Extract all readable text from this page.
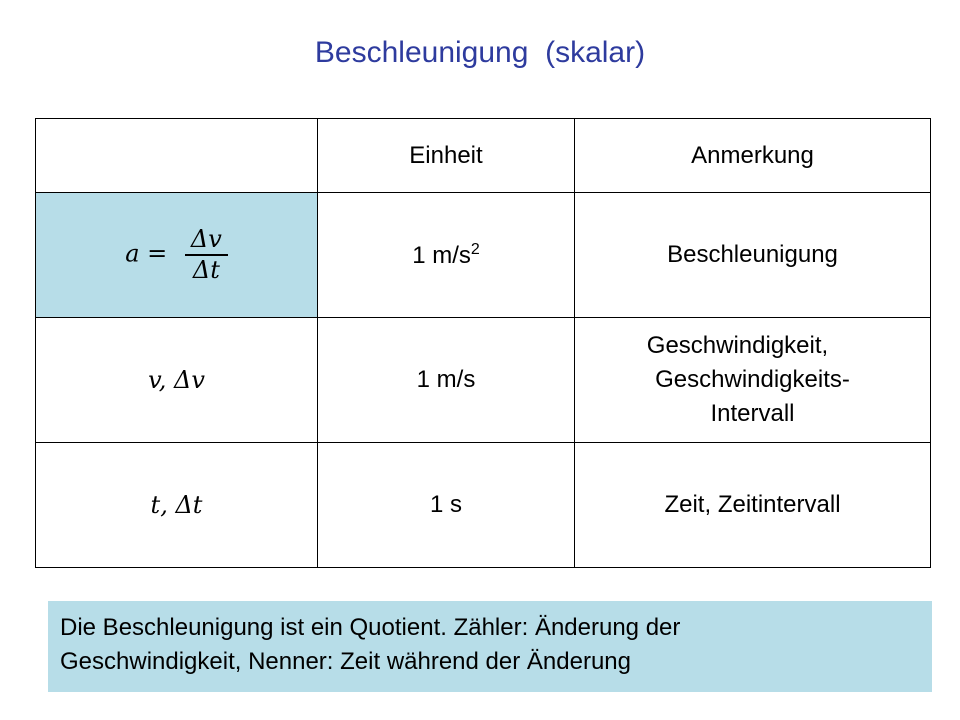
Beschleunigung  (skalar)
	Einheit	Anmerkung
$a = \frac{\Delta v}{\Delta t}$	1 $m/s^2$	Beschleunigung
v, Δv	1 m/s	Geschwindigkeit,
Geschwindigkeits-
Intervall

t, Δt	1 s	Zeit, Zeitintervall
Die Beschleunigung ist ein Quotient. Zähler: Änderung der
Geschwindigkeit, Nenner: Zeit während der Änderung
